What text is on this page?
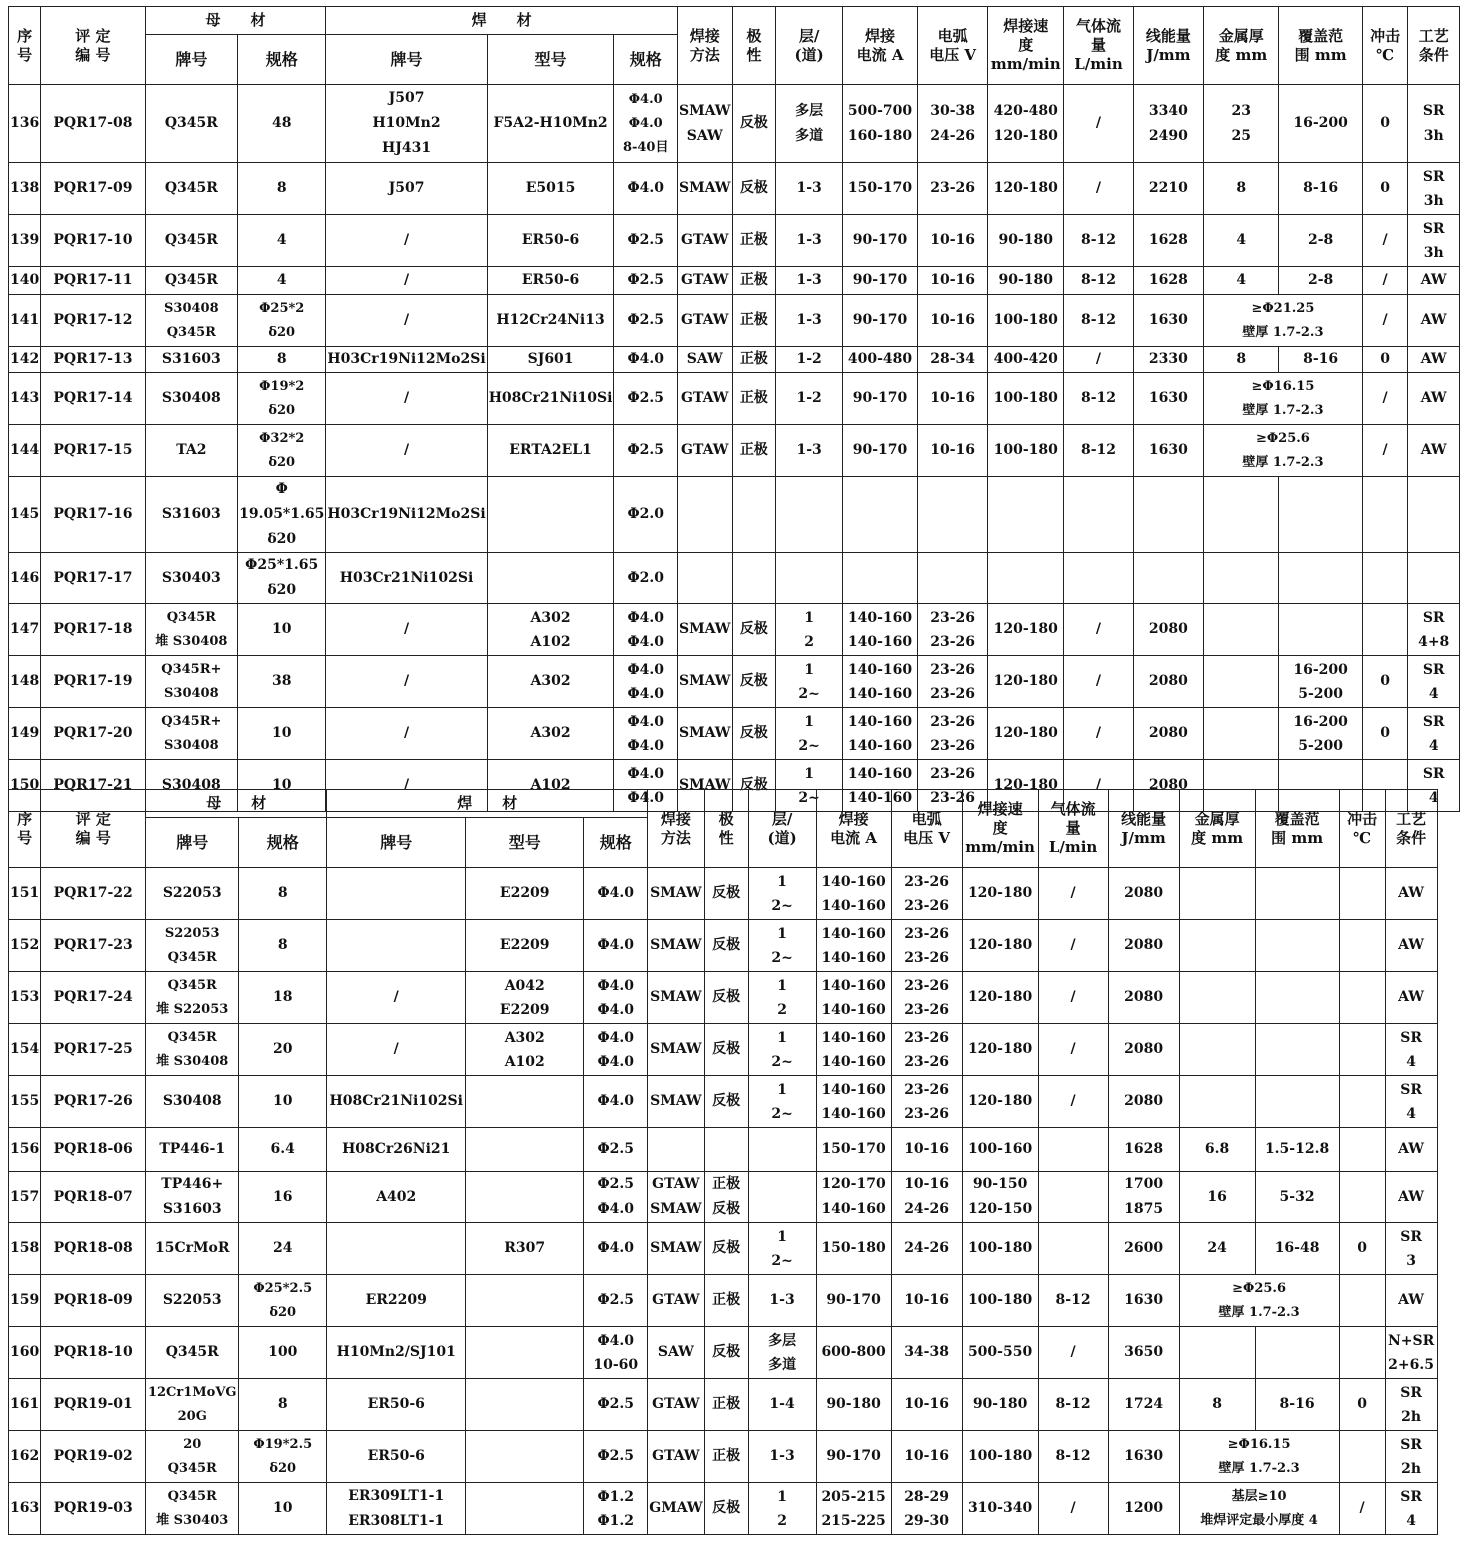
序
号	评 定
编 号	母　　材		焊　　材			焊接
方法	极
性	层/
(道)	焊接
电流 A	电弧
电压 V	焊接速
度
mm/min	气体流
量
L/min	线能量
J/mm	金属厚
度 mm	覆盖范
围 mm	冲击
℃	工艺
条件
		牌号	规格	牌号	型号	规格												
136	PQR17-08	Q345R	48	J507
H10Mn2
HJ431	F5A2-H10Mn2	Φ4.0
Φ4.0
8-40目	SMAW
SAW	反极	多层
多道	500-700
160-180	30-38
24-26	420-480
120-180	/	3340
2490	23
25	16-200	0	SR
3h
138	PQR17-09	Q345R	8	J507	E5015	Φ4.0	SMAW	反极	1-3	150-170	23-26	120-180	/	2210	8	8-16	0	SR
3h
139	PQR17-10	Q345R	4	/	ER50-6	Φ2.5	GTAW	正极	1-3	90-170	10-16	90-180	8-12	1628	4	2-8	/	SR
3h
140	PQR17-11	Q345R	4	/	ER50-6	Φ2.5	GTAW	正极	1-3	90-170	10-16	90-180	8-12	1628	4	2-8	/	AW
141	PQR17-12	S30408
Q345R	Φ25*2
δ20	/	H12Cr24Ni13	Φ2.5	GTAW	正极	1-3	90-170	10-16	100-180	8-12	1630	≥Φ21.25
壁厚 1.7-2.3		/	AW
142	PQR17-13	S31603	8	H03Cr19Ni12Mo2Si	SJ601	Φ4.0	SAW	正极	1-2	400-480	28-34	400-420	/	2330	8	8-16	0	AW
143	PQR17-14	S30408	Φ19*2
δ20	/	H08Cr21Ni10Si	Φ2.5	GTAW	正极	1-2	90-170	10-16	100-180	8-12	1630	≥Φ16.15
壁厚 1.7-2.3		/	AW
144	PQR17-15	TA2	Φ32*2
δ20	/	ERTA2EL1	Φ2.5	GTAW	正极	1-3	90-170	10-16	100-180	8-12	1630	≥Φ25.6
壁厚 1.7-2.3		/	AW
145	PQR17-16	S31603	Φ
19.05*1.65
δ20	H03Cr19Ni12Mo2Si		Φ2.0												
146	PQR17-17	S30403	Φ25*1.65
δ20	H03Cr21Ni102Si		Φ2.0												
147	PQR17-18	Q345R
堆 S30408	10	/	A302
A102	Φ4.0
Φ4.0	SMAW	反极	1
2	140-160
140-160	23-26
23-26	120-180	/	2080				SR
4+8
148	PQR17-19	Q345R+
S30408	38	/	A302	Φ4.0
Φ4.0	SMAW	反极	1
2~	140-160
140-160	23-26
23-26	120-180	/	2080		16-200
5-200	0	SR
4
149	PQR17-20	Q345R+
S30408	10	/	A302	Φ4.0
Φ4.0	SMAW	反极	1
2~	140-160
140-160	23-26
23-26	120-180	/	2080		16-200
5-200	0	SR
4
150	PQR17-21	S30408	10	/	A102	Φ4.0
Φ4.0	SMAW	反极	1
2~	140-160
140-160	23-26
23-26	120-180	/	2080				SR
4
序
号	评 定
编 号	母　　材		焊　　材			焊接
方法	极
性	层/
(道)	焊接
电流 A	电弧
电压 V	焊接速
度
mm/min	气体流
量
L/min	线能量
J/mm	金属厚
度 mm	覆盖范
围 mm	冲击
℃	工艺
条件
		牌号	规格	牌号	型号	规格												
151	PQR17-22	S22053	8		E2209	Φ4.0	SMAW	反极	1
2~	140-160
140-160	23-26
23-26	120-180	/	2080				AW
152	PQR17-23	S22053
Q345R	8		E2209	Φ4.0	SMAW	反极	1
2~	140-160
140-160	23-26
23-26	120-180	/	2080				AW
153	PQR17-24	Q345R
堆 S22053	18	/	A042
E2209	Φ4.0
Φ4.0	SMAW	反极	1
2	140-160
140-160	23-26
23-26	120-180	/	2080				AW
154	PQR17-25	Q345R
堆 S30408	20	/	A302
A102	Φ4.0
Φ4.0	SMAW	反极	1
2~	140-160
140-160	23-26
23-26	120-180	/	2080				SR
4
155	PQR17-26	S30408	10	H08Cr21Ni102Si		Φ4.0	SMAW	反极	1
2~	140-160
140-160	23-26
23-26	120-180	/	2080				SR
4
156	PQR18-06	TP446-1	6.4	H08Cr26Ni21		Φ2.5				150-170	10-16	100-160		1628	6.8	1.5-12.8		AW
157	PQR18-07	TP446+
S31603	16	A402		Φ2.5
Φ4.0	GTAW
SMAW	正极
反极		120-170
140-160	10-16
24-26	90-150
120-150		1700
1875	16	5-32		AW
158	PQR18-08	15CrMoR	24		R307	Φ4.0	SMAW	反极	1
2~	150-180	24-26	100-180		2600	24	16-48	0	SR
3
159	PQR18-09	S22053	Φ25*2.5
δ20	ER2209		Φ2.5	GTAW	正极	1-3	90-170	10-16	100-180	8-12	1630	≥Φ25.6
壁厚 1.7-2.3			AW
160	PQR18-10	Q345R	100	H10Mn2/SJ101		Φ4.0
10-60	SAW	反极	多层
多道	600-800	34-38	500-550	/	3650				N+SR
2+6.5
161	PQR19-01	12Cr1MoVG
20G	8	ER50-6		Φ2.5	GTAW	正极	1-4	90-180	10-16	90-180	8-12	1724	8	8-16	0	SR
2h
162	PQR19-02	20
Q345R	Φ19*2.5
δ20	ER50-6		Φ2.5	GTAW	正极	1-3	90-170	10-16	100-180	8-12	1630	≥Φ16.15
壁厚 1.7-2.3			SR
2h
163	PQR19-03	Q345R
堆 S30403	10	ER309LT1-1
ER308LT1-1		Φ1.2
Φ1.2	GMAW	反极	1
2	205-215
215-225	28-29
29-30	310-340	/	1200	基层≥10
堆焊评定最小厚度 4		/	SR
4
